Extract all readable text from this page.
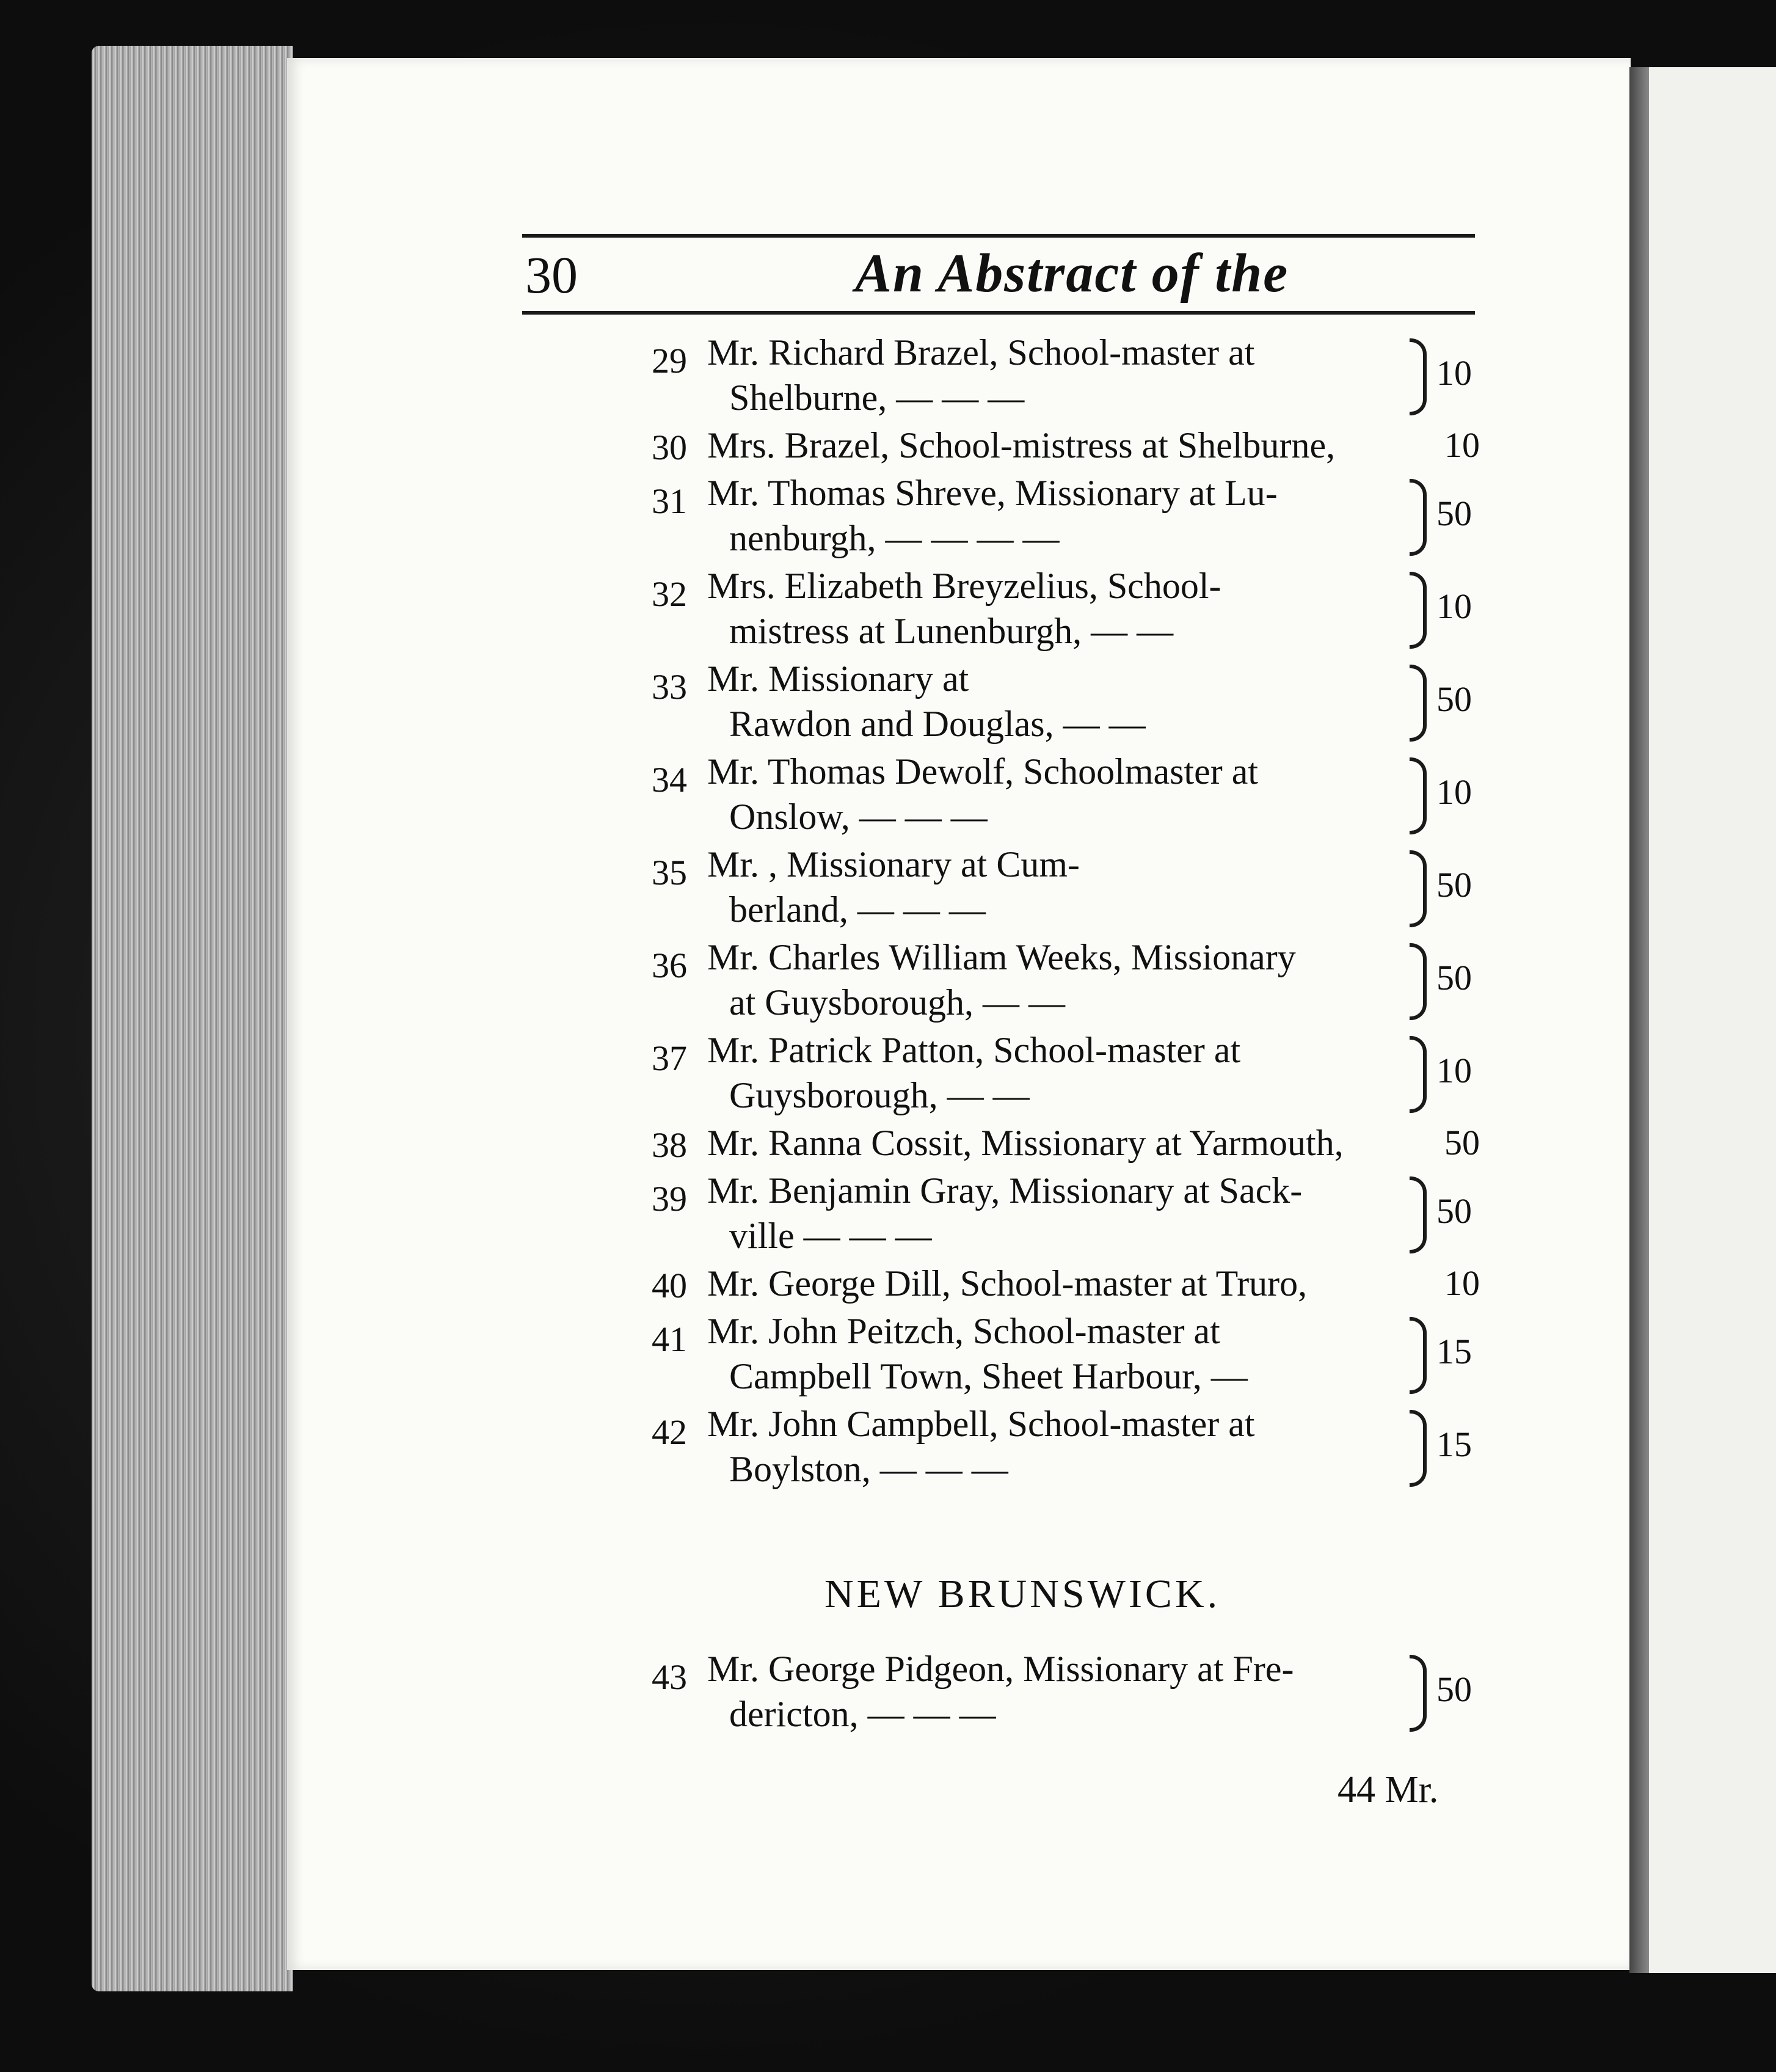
30	An Abstract of the
29 Mr. Richard Brazel, School-master at
Shelburne, — — —
10
30 Mrs. Brazel, School-mistress at Shelburne,	10
31 Mr. Thomas Shreve, Missionary at Lu-
nenburgh, — — — —
50
32 Mrs. Elizabeth Breyzelius, School-
mistress at Lunenburgh, — —
10
33 Mr. Missionary at
Rawdon and Douglas, — —
50
34 Mr. Thomas Dewolf, Schoolmaster at
Onslow, — — —
10
35 Mr. , Missionary at Cum-
berland, — — —
50
36 Mr. Charles William Weeks, Missionary
at Guysborough, — —
50
37 Mr. Patrick Patton, School-master at
Guysborough, — —
10
38 Mr. Ranna Cossit, Missionary at Yarmouth,	50
39 Mr. Benjamin Gray, Missionary at Sack-
ville — — —
50
40 Mr. George Dill, School-master at Truro,	10
41 Mr. John Peitzch, School-master at
Campbell Town, Sheet Harbour, —
15
42 Mr. John Campbell, School-master at
Boylston, — — —
15
NEW BRUNSWICK.
43 Mr. George Pidgeon, Missionary at Fre-
dericton, — — —
50
44 Mr.
